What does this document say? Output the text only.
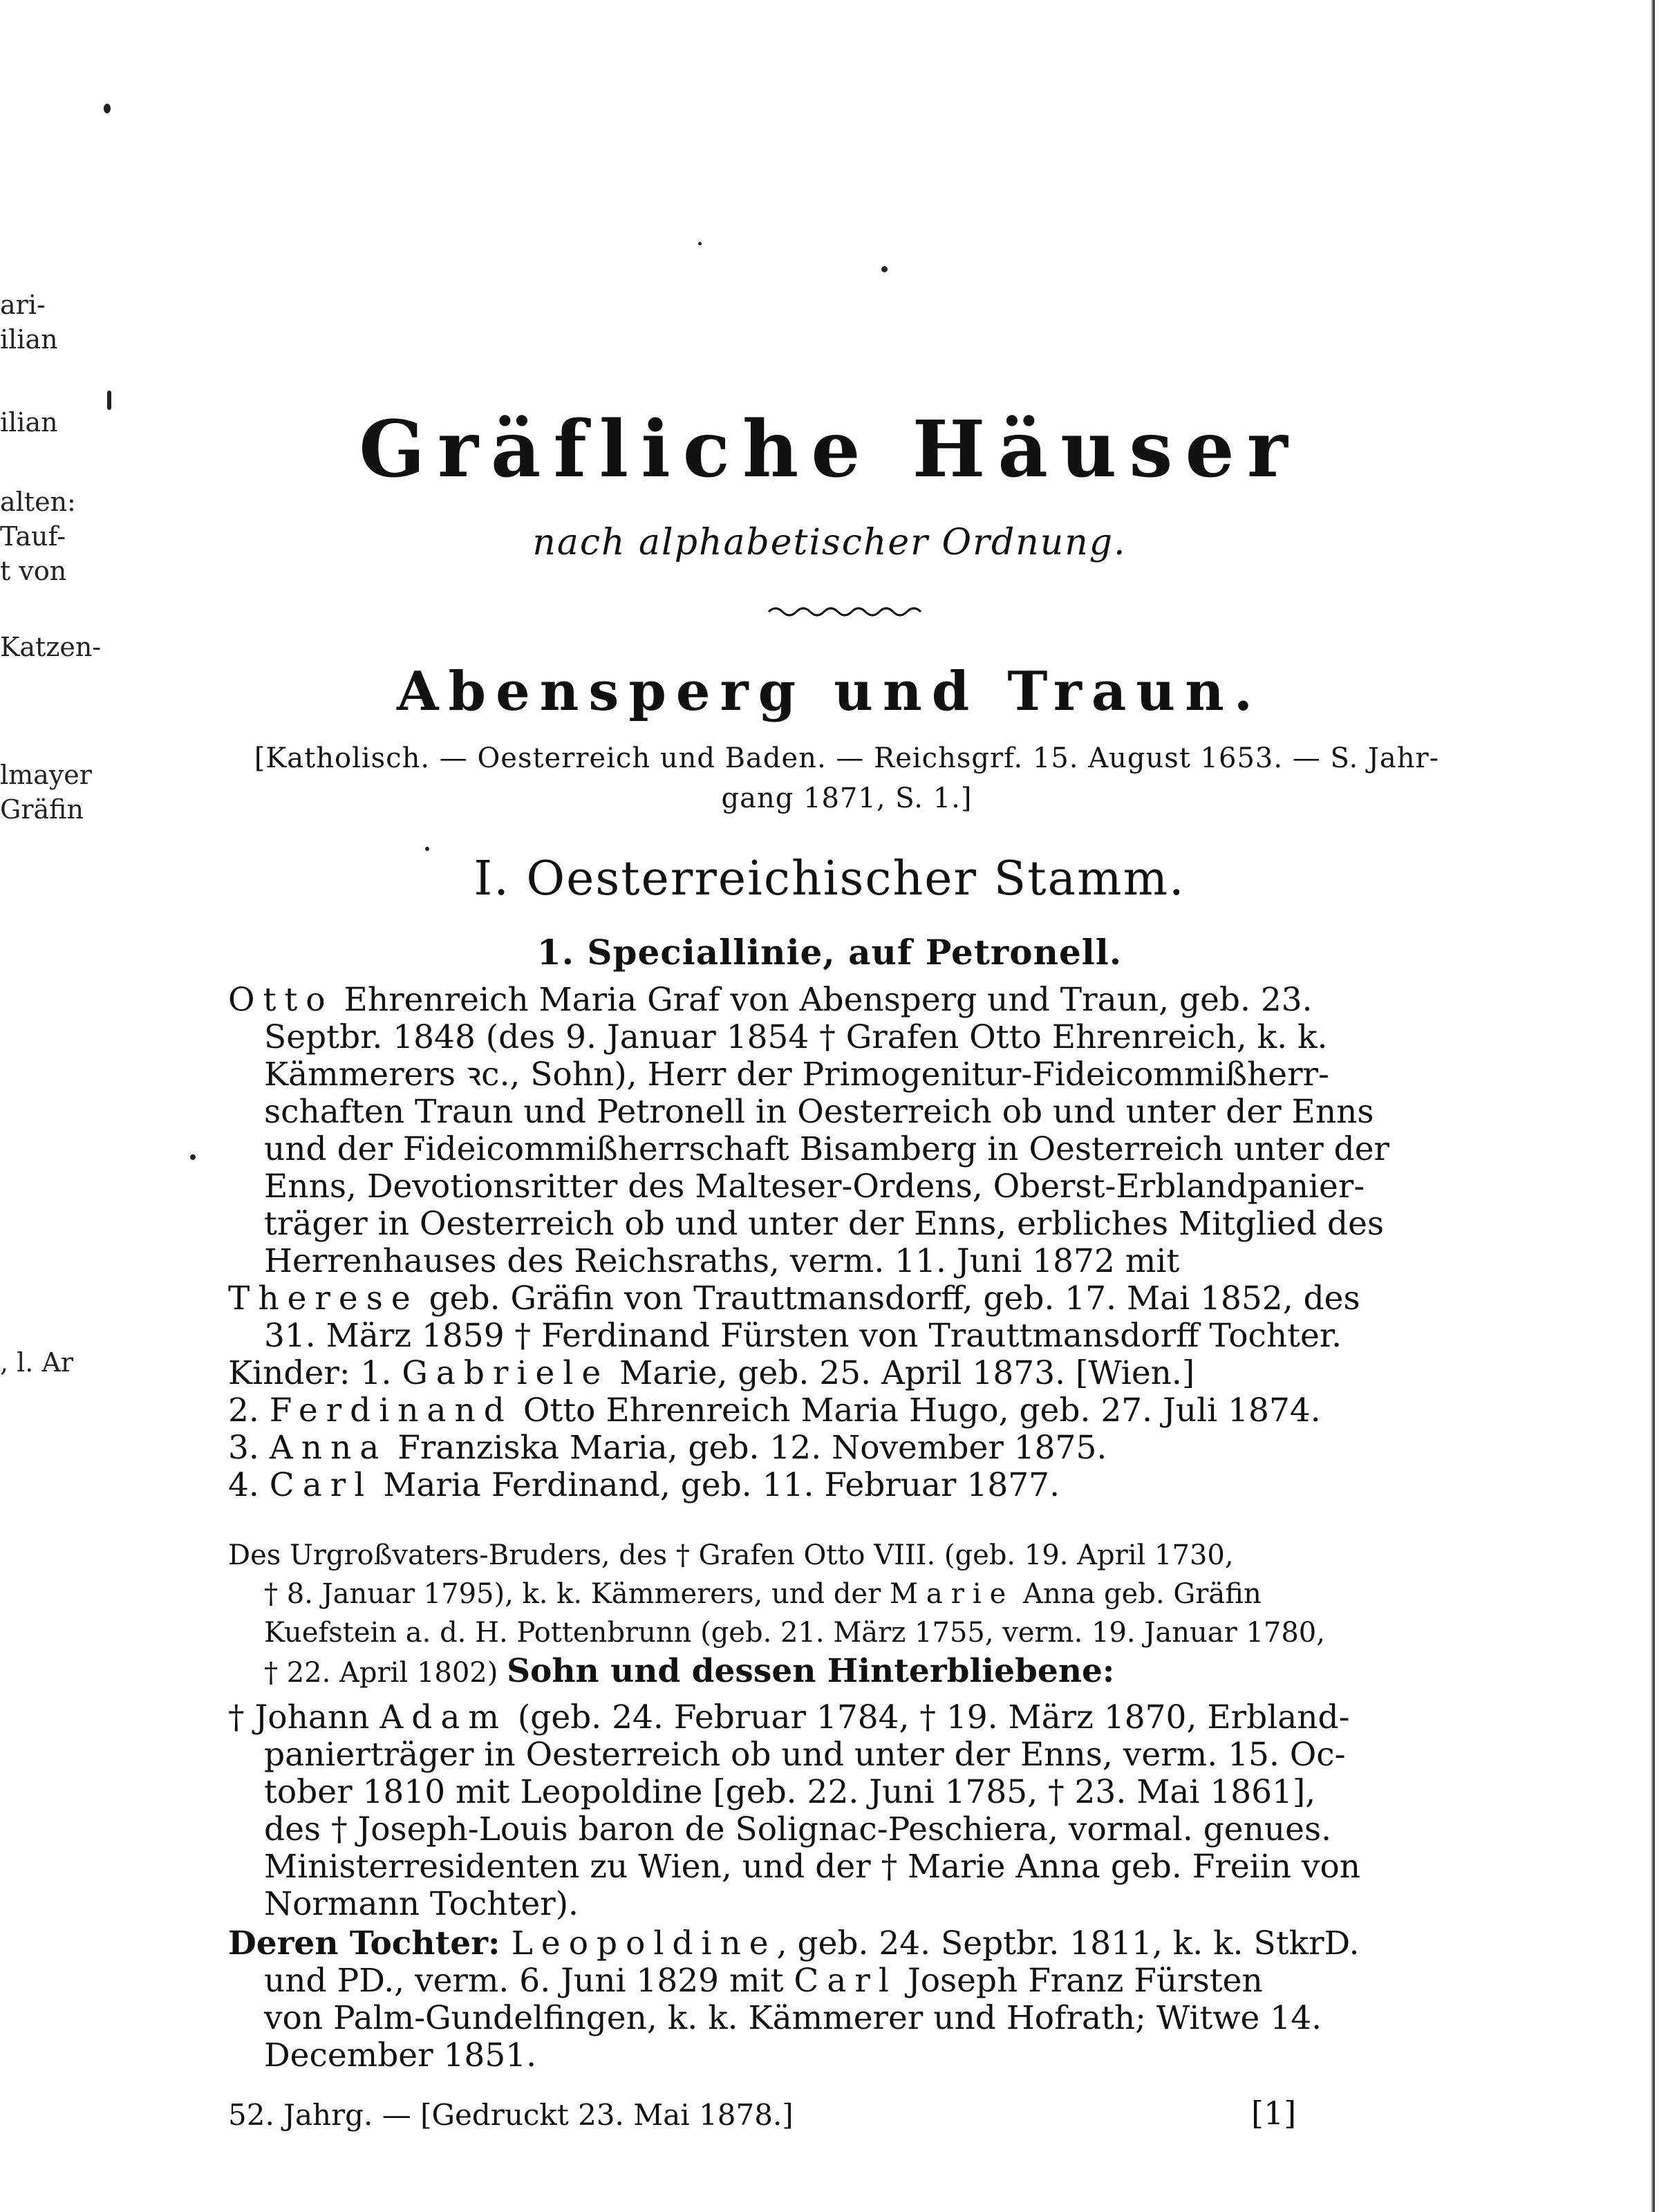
ari-
ilian
ilian
alten:
Tauf-
t von
Katzen-
lmayer
Gräfin
, l. Ar
Gräfliche Häuser
nach alphabetischer Ordnung.
Abensperg und Traun.
[Katholisch. — Oesterreich und Baden. — Reichsgrf. 15. August 1653. — S. Jahr-
gang 1871, S. 1.]
I. Oesterreichischer Stamm.
1. Speciallinie, auf Petronell.
Otto Ehrenreich Maria Graf von Abensperg und Traun, geb. 23.
Septbr. 1848 (des 9. Januar 1854 † Grafen Otto Ehrenreich, k. k.
Kämmerers ꝛc., Sohn), Herr der Primogenitur-Fideicommißherr-
schaften Traun und Petronell in Oesterreich ob und unter der Enns
und der Fideicommißherrschaft Bisamberg in Oesterreich unter der
Enns, Devotionsritter des Malteser-Ordens, Oberst-Erblandpanier-
träger in Oesterreich ob und unter der Enns, erbliches Mitglied des
Herrenhauses des Reichsraths, verm. 11. Juni 1872 mit
Therese geb. Gräfin von Trauttmansdorff, geb. 17. Mai 1852, des
31. März 1859 † Ferdinand Fürsten von Trauttmansdorff Tochter.
Kinder: 1. Gabriele Marie, geb. 25. April 1873. [Wien.]
2. Ferdinand Otto Ehrenreich Maria Hugo, geb. 27. Juli 1874.
3. Anna Franziska Maria, geb. 12. November 1875.
4. Carl Maria Ferdinand, geb. 11. Februar 1877.
Des Urgroßvaters-Bruders, des † Grafen Otto VIII. (geb. 19. April 1730,
† 8. Januar 1795), k. k. Kämmerers, und der Marie Anna geb. Gräfin
Kuefstein a. d. H. Pottenbrunn (geb. 21. März 1755, verm. 19. Januar 1780,
† 22. April 1802) Sohn und dessen Hinterbliebene:
† Johann Adam (geb. 24. Februar 1784, † 19. März 1870, Erbland-
panierträger in Oesterreich ob und unter der Enns, verm. 15. Oc-
tober 1810 mit Leopoldine [geb. 22. Juni 1785, † 23. Mai 1861],
des † Joseph-Louis baron de Solignac-Peschiera, vormal. genues.
Ministerresidenten zu Wien, und der † Marie Anna geb. Freiin von
Normann Tochter).
Deren Tochter: Leopoldine, geb. 24. Septbr. 1811, k. k. StkrD.
und PD., verm. 6. Juni 1829 mit Carl Joseph Franz Fürsten
von Palm-Gundelfingen, k. k. Kämmerer und Hofrath; Witwe 14.
December 1851.
52. Jahrg. — [Gedruckt 23. Mai 1878.]	[1]
